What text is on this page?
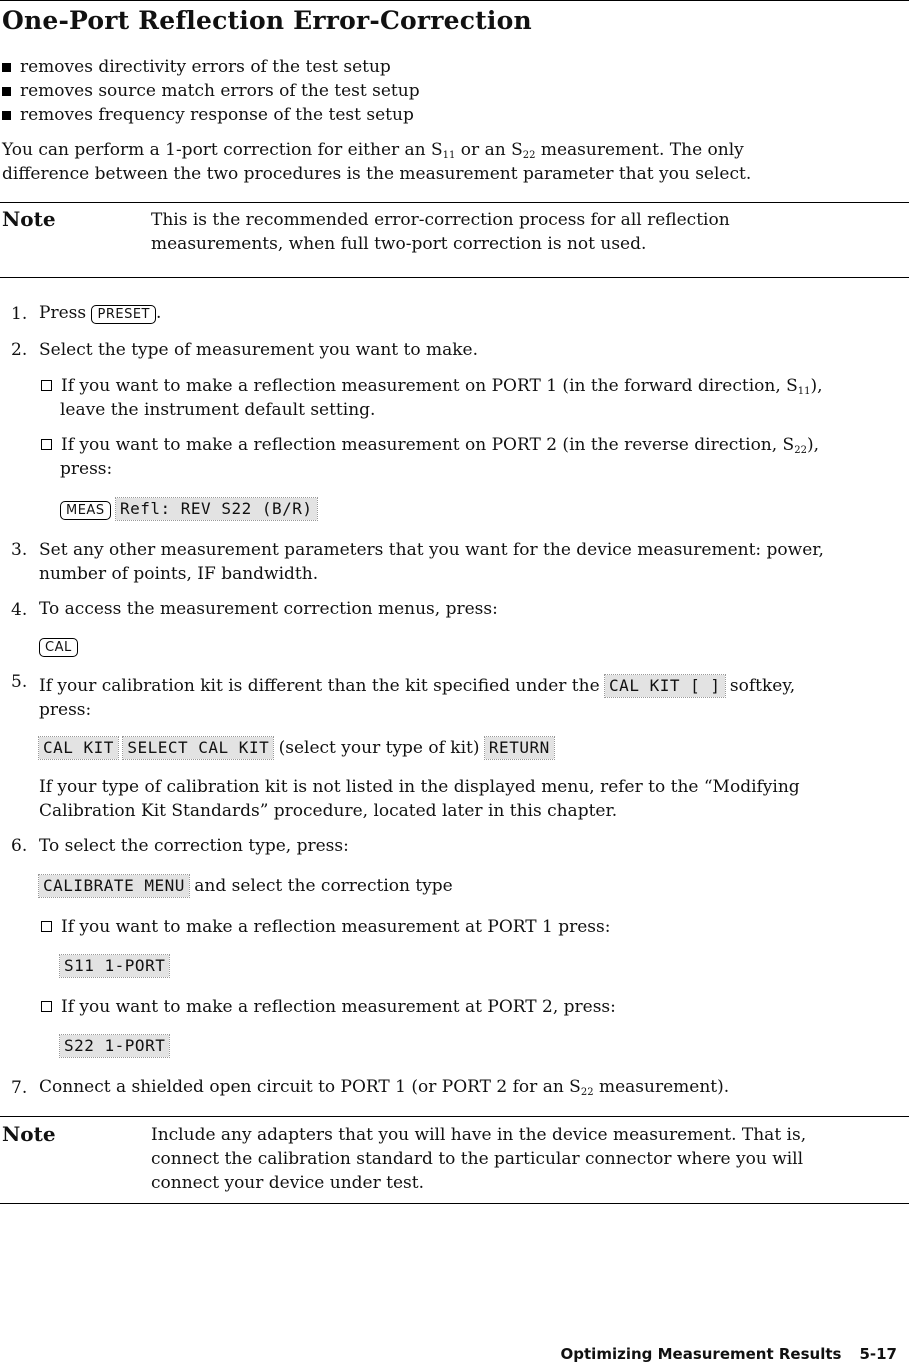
One-Port Reflection Error-Correction
removes directivity errors of the test setup
removes source match errors of the test setup
removes frequency response of the test setup

You can perform a 1-port correction for either an $S_{11}$ or an $S_{22}$ measurement. The only
difference between the two procedures is the measurement parameter that you select.

Note	This is the recommended error-correction process for all reflection
measurements, when full two-port correction is not used.

1. Press PRESET .
2. Select the type of measurement you want to make.
If you want to make a reflection measurement on PORT 1 (in the forward direction, $S_{11}$),
leave the instrument default setting.
If you want to make a reflection measurement on PORT 2 (in the reverse direction, $S_{22}$),
press:
MEAS Refl: REV S22 (B/R)
3. Set any other measurement parameters that you want for the device measurement: power,
number of points, IF bandwidth.
4. To access the measurement correction menus, press:
CAL
5. If your calibration kit is different than the kit specified under the CAL KIT [ ] softkey,
press:
CAL KIT SELECT CAL KIT (select your type of kit) RETURN
If your type of calibration kit is not listed in the displayed menu, refer to the “Modifying
Calibration Kit Standards” procedure, located later in this chapter.
6. To select the correction type, press:
CALIBRATE MENU and select the correction type
If you want to make a reflection measurement at PORT 1 press:
S11 1-PORT
If you want to make a reflection measurement at PORT 2, press:
S22 1-PORT
7. Connect a shielded open circuit to PORT 1 (or PORT 2 for an $S_{22}$ measurement).
Note	Include any adapters that you will have in the device measurement. That is,
connect the calibration standard to the particular connector where you will
connect your device under test.

Optimizing Measurement Results 5-17
